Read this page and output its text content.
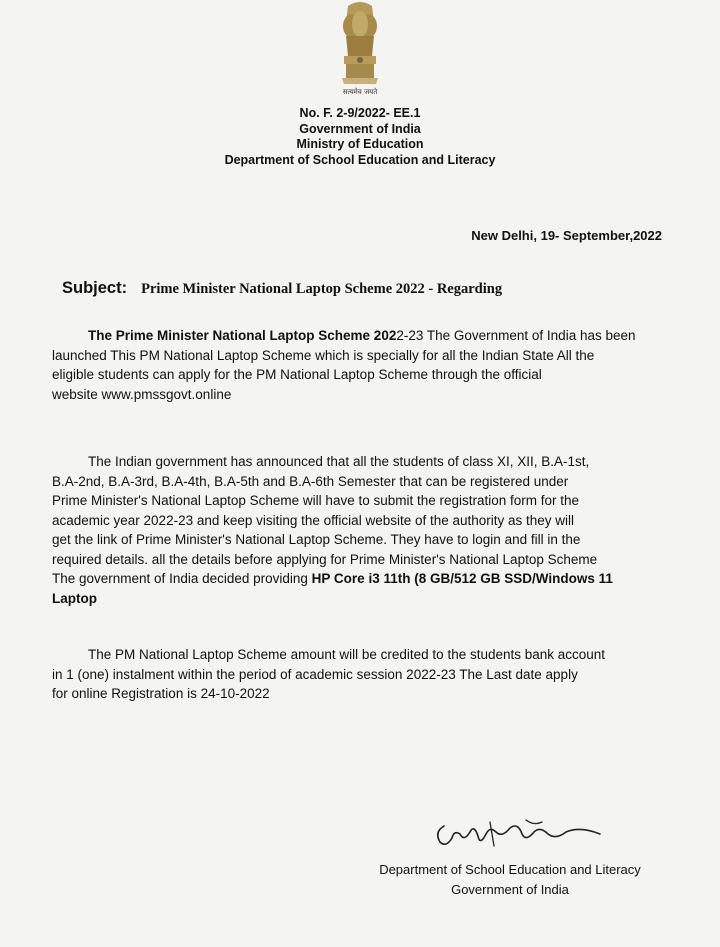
सत्यमेव जयते
No. F. 2-9/2022- EE.1
Government of India
Ministry of Education
Department of School Education and Literacy
New Delhi, 19- September,2022
Subject: Prime Minister National Laptop Scheme 2022 - Regarding

The Prime Minister National Laptop Scheme 2022-23 The Government of India has been

launched This PM National Laptop Scheme which is specially for all the Indian State All the

eligible students can apply for the PM National Laptop Scheme through the official

website www.pmssgovt.online

The Indian government has announced that all the students of class XI, XII, B.A-1st,

B.A-2nd, B.A-3rd, B.A-4th, B.A-5th and B.A-6th Semester that can be registered under

Prime Minister's National Laptop Scheme will have to submit the registration form for the

academic year 2022-23 and keep visiting the official website of the authority as they will

get the link of Prime Minister's National Laptop Scheme. They have to login and fill in the

required details. all the details before applying for Prime Minister's National Laptop Scheme

The government of India decided providing HP Core i3 11th (8 GB/512 GB SSD/Windows 11

Laptop

The PM National Laptop Scheme amount will be credited to the students bank account

in 1 (one) instalment within the period of academic session 2022-23 The Last date apply

for online Registration is 24-10-2022

Department of School Education and Literacy
Government of India
